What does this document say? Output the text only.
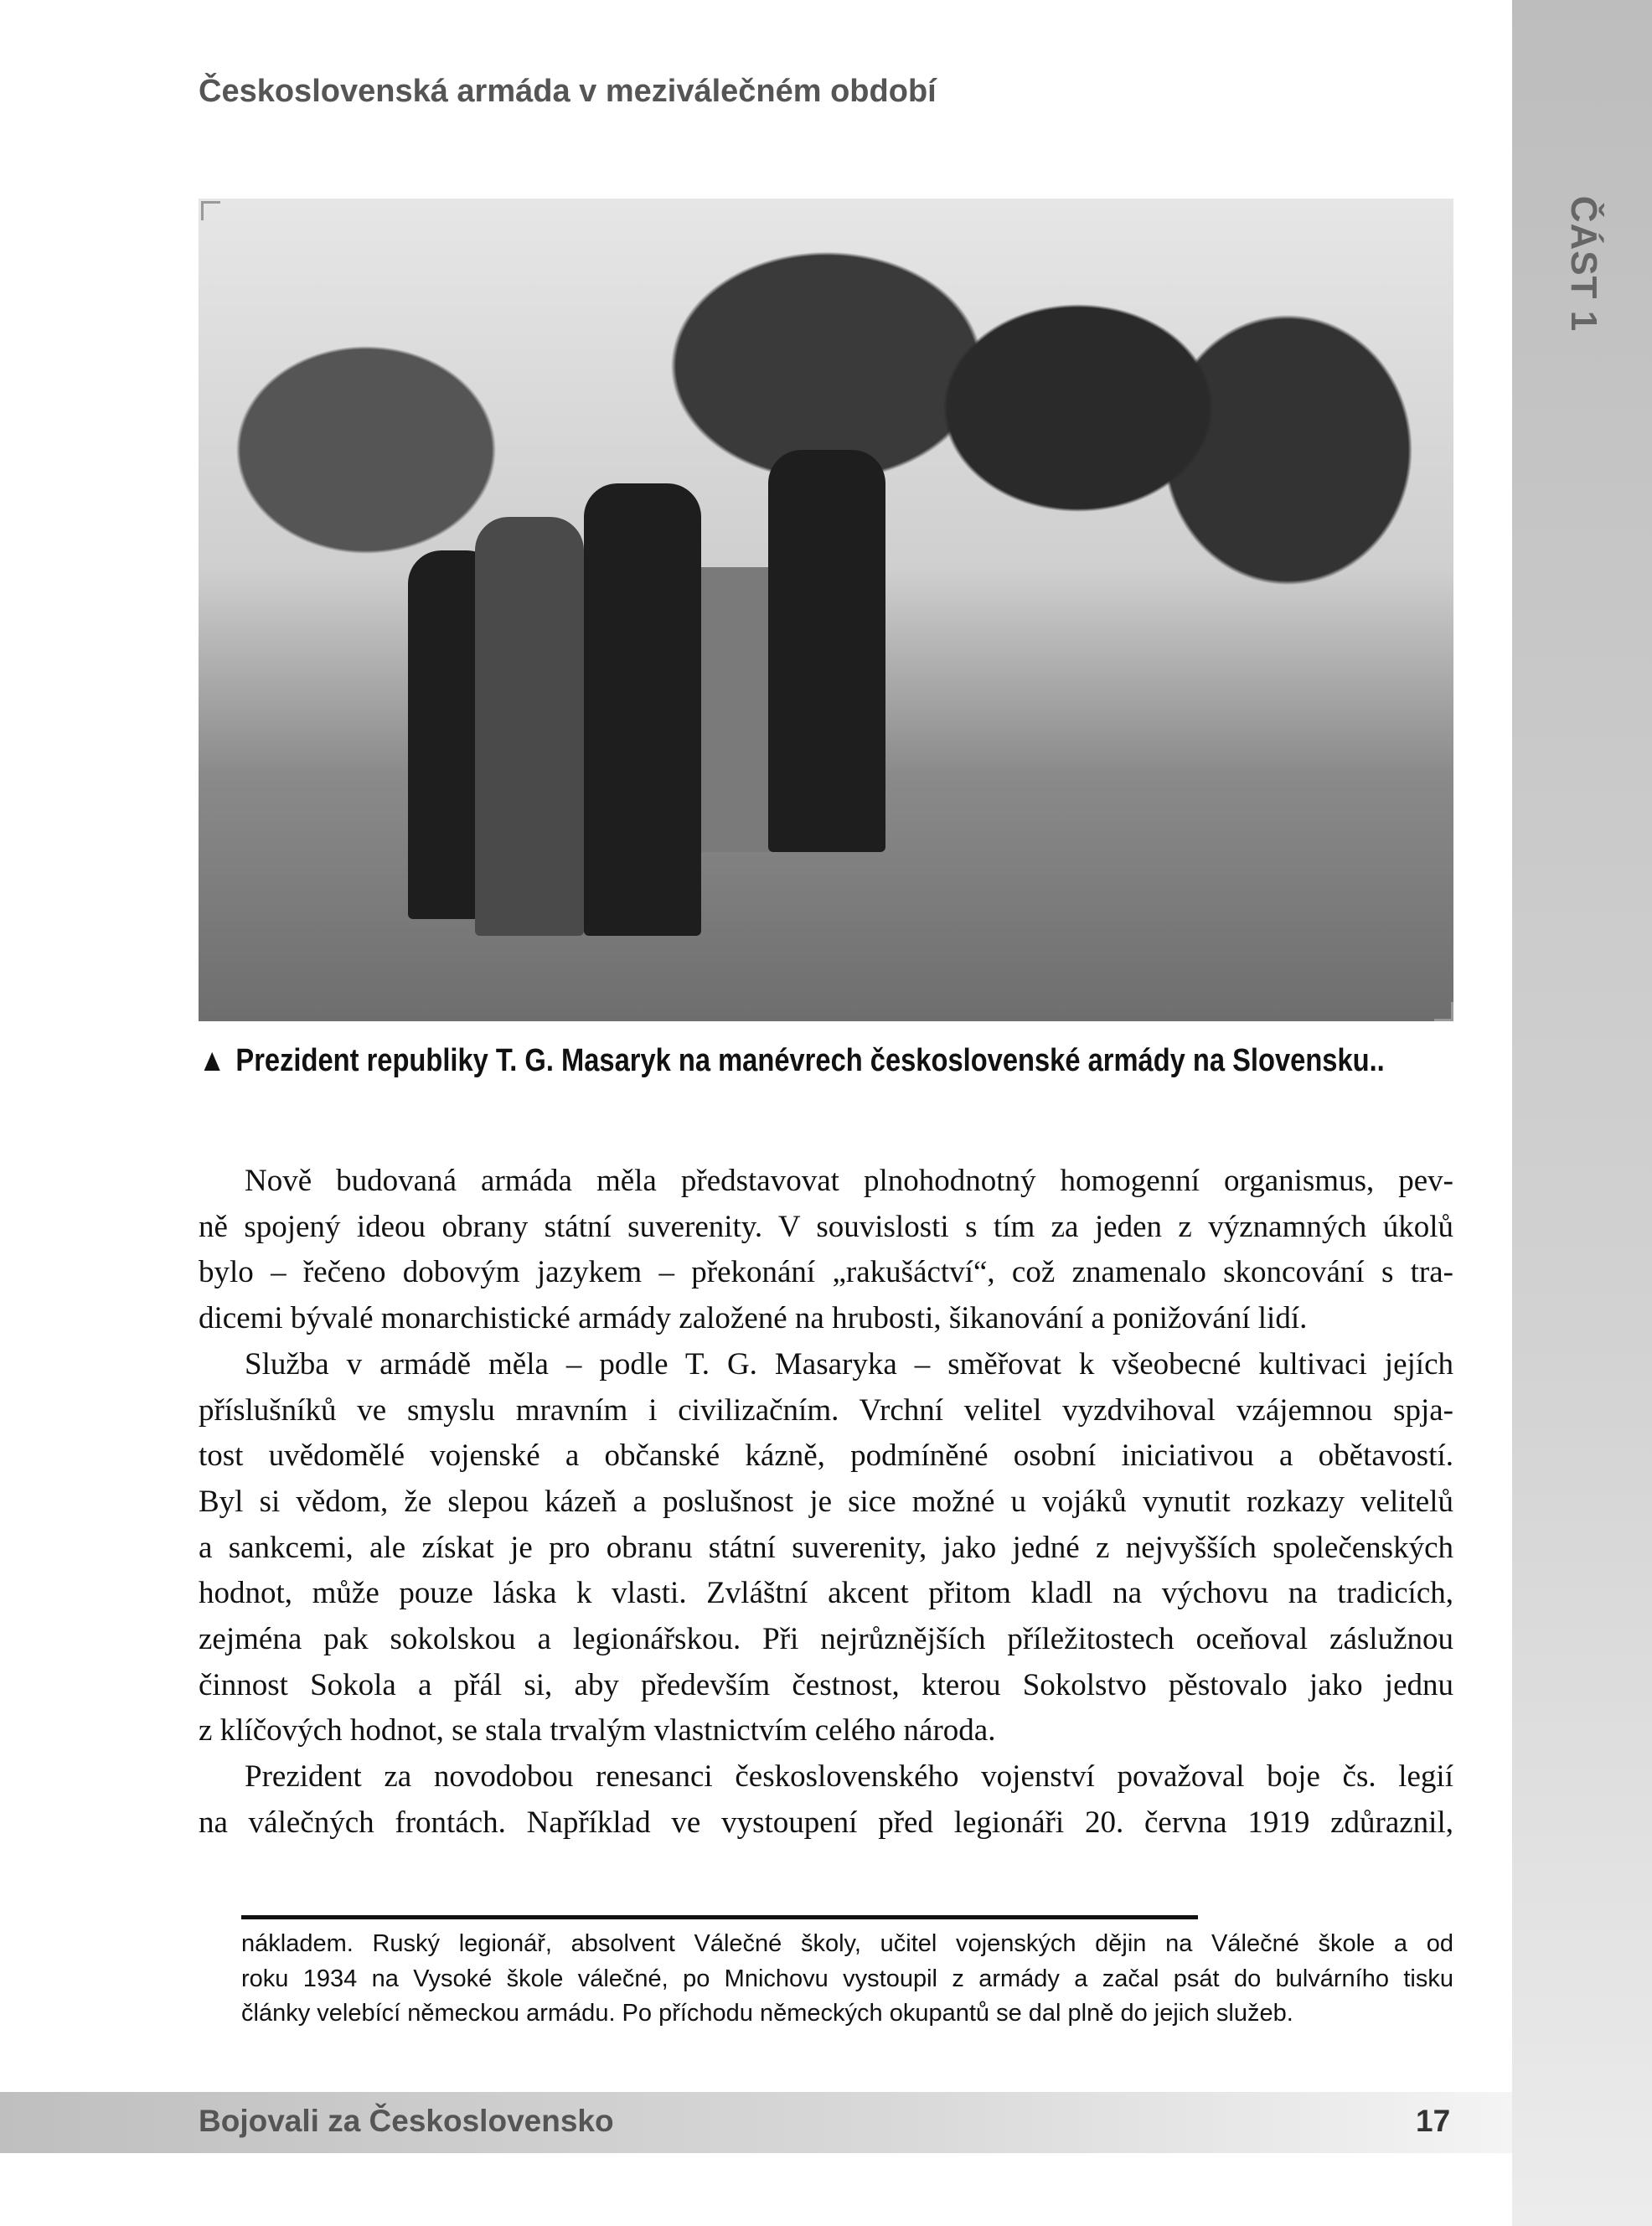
ČÁST 1
Československá armáda v meziválečném období
▲ Prezident republiky T. G. Masaryk na manévrech československé armády na Slovensku..
Nově budovaná armáda měla představovat plnohodnotný homogenní organismus, pev-
ně spojený ideou obrany státní suverenity. V souvislosti s tím za jeden z významných úkolů
bylo – řečeno dobovým jazykem – překonání „rakušáctví“, což znamenalo skoncování s tra-
dicemi bývalé monarchistické armády založené na hrubosti, šikanování a ponižování lidí.
Služba v armádě měla – podle T. G. Masaryka – směřovat k všeobecné kultivaci jejích
příslušníků ve smyslu mravním i civilizačním. Vrchní velitel vyzdvihoval vzájemnou spja-
tost uvědomělé vojenské a občanské kázně, podmíněné osobní iniciativou a obětavostí.
Byl si vědom, že slepou kázeň a poslušnost je sice možné u vojáků vynutit rozkazy velitelů
a sankcemi, ale získat je pro obranu státní suverenity, jako jedné z nejvyšších společenských
hodnot, může pouze láska k vlasti. Zvláštní akcent přitom kladl na výchovu na tradicích,
zejména pak sokolskou a legionářskou. Při nejrůznějších příležitostech oceňoval záslužnou
činnost Sokola a přál si, aby především čestnost, kterou Sokolstvo pěstovalo jako jednu
z klíčových hodnot, se stala trvalým vlastnictvím celého národa.
Prezident za novodobou renesanci československého vojenství považoval boje čs. legií
na válečných frontách. Například ve vystoupení před legionáři 20. června 1919 zdůraznil,
nákladem. Ruský legionář, absolvent Válečné školy, učitel vojenských dějin na Válečné škole a od
roku 1934 na Vysoké škole válečné, po Mnichovu vystoupil z armády a začal psát do bulvárního tisku
články velebící německou armádu. Po příchodu německých okupantů se dal plně do jejich služeb.
Bojovali za Československo	17
